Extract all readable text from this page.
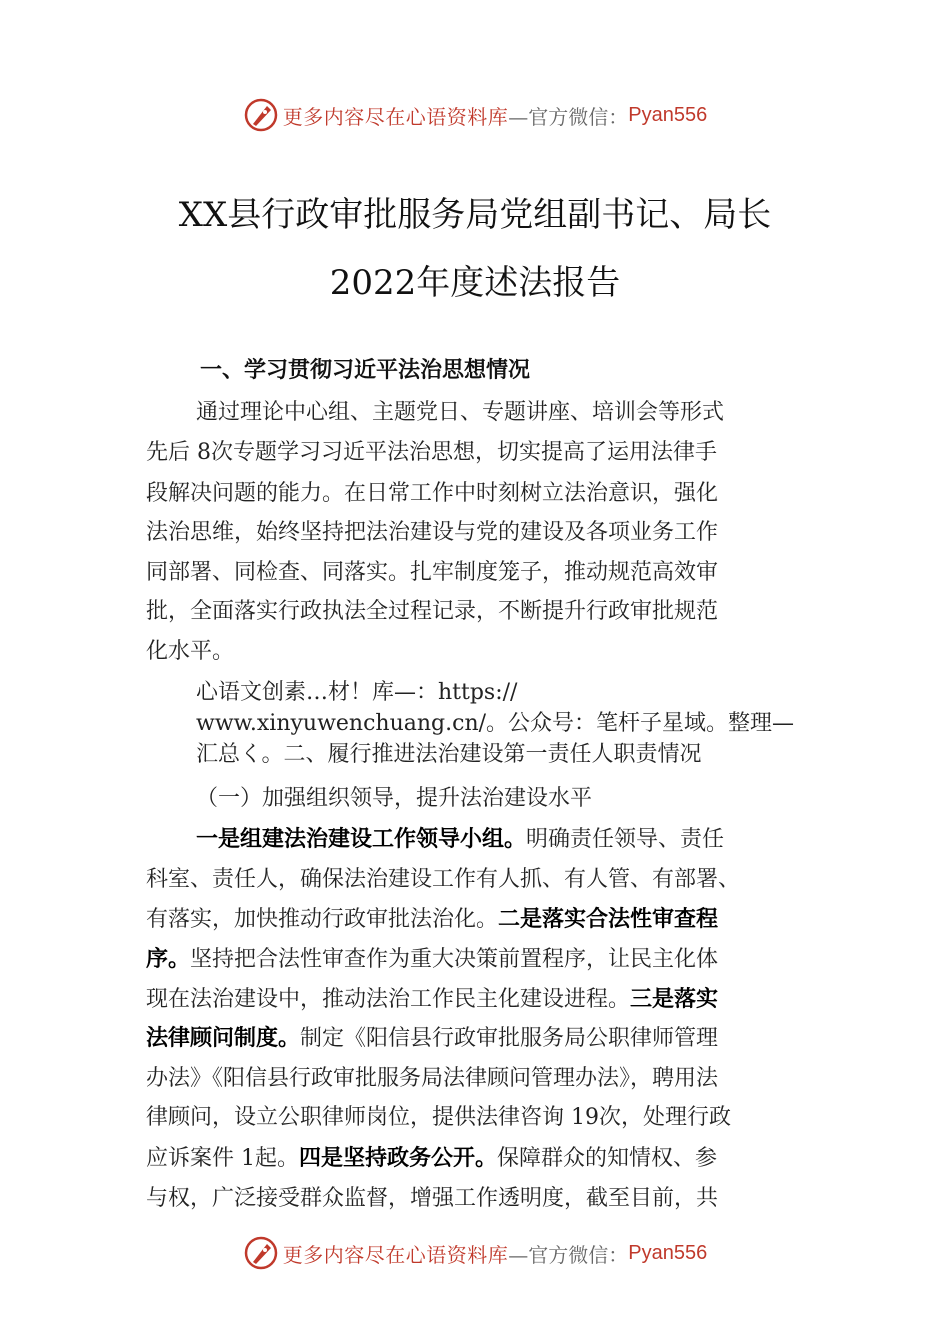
更多内容尽在心语资料库 —官方微信： Pyan556
XX县行政审批服务局党组副书记、局长
2022年度述法报告
一、学习贯彻习近平法治思想情况
通过理论中心组、主题党日、专题讲座、培训会等形式
先后 8次专题学习习近平法治思想，切实提高了运用法律手
段解决问题的能力。在日常工作中时刻树立法治意识，强化
法治思维，始终坚持把法治建设与党的建设及各项业务工作
同部署、同检查、同落实。扎牢制度笼子，推动规范高效审
批，全面落实行政执法全过程记录，不断提升行政审批规范
化水平。
心语文创素…材！库—：https://
www.xinyuwenchuang.cn/。公众号：笔杆子星域。整理—
汇总く。二、履行推进法治建设第一责任人职责情况
（一）加强组织领导，提升法治建设水平
一是组建法治建设工作领导小组。明确责任领导、责任
科室、责任人，确保法治建设工作有人抓、有人管、有部署、
有落实，加快推动行政审批法治化。二是落实合法性审查程
序。坚持把合法性审查作为重大决策前置程序，让民主化体
现在法治建设中，推动法治工作民主化建设进程。三是落实
法律顾问制度。制定《阳信县行政审批服务局公职律师管理
办法》《阳信县行政审批服务局法律顾问管理办法》，聘用法
律顾问，设立公职律师岗位，提供法律咨询 19次，处理行政
应诉案件 1起。四是坚持政务公开。保障群众的知情权、参
与权，广泛接受群众监督，增强工作透明度，截至目前，共
更多内容尽在心语资料库 —官方微信： Pyan556
